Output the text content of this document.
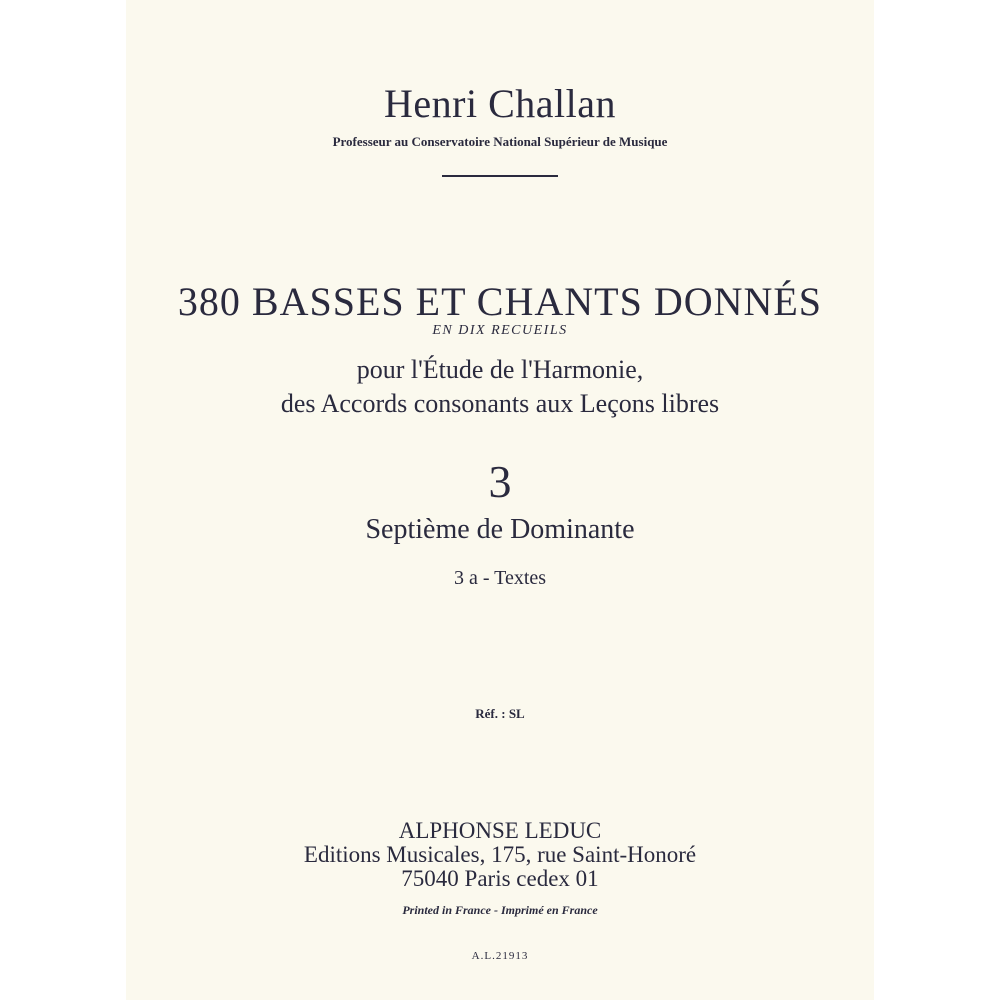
Henri Challan
Professeur au Conservatoire National Supérieur de Musique
380 BASSES ET CHANTS DONNÉS
EN DIX RECUEILS
pour l'Étude de l'Harmonie,
des Accords consonants aux Leçons libres
3
Septième de Dominante
3 a - Textes
Réf. : SL
ALPHONSE LEDUC
Editions Musicales, 175, rue Saint-Honoré
75040 Paris cedex 01
Printed in France - Imprimé en France
A.L.21913
